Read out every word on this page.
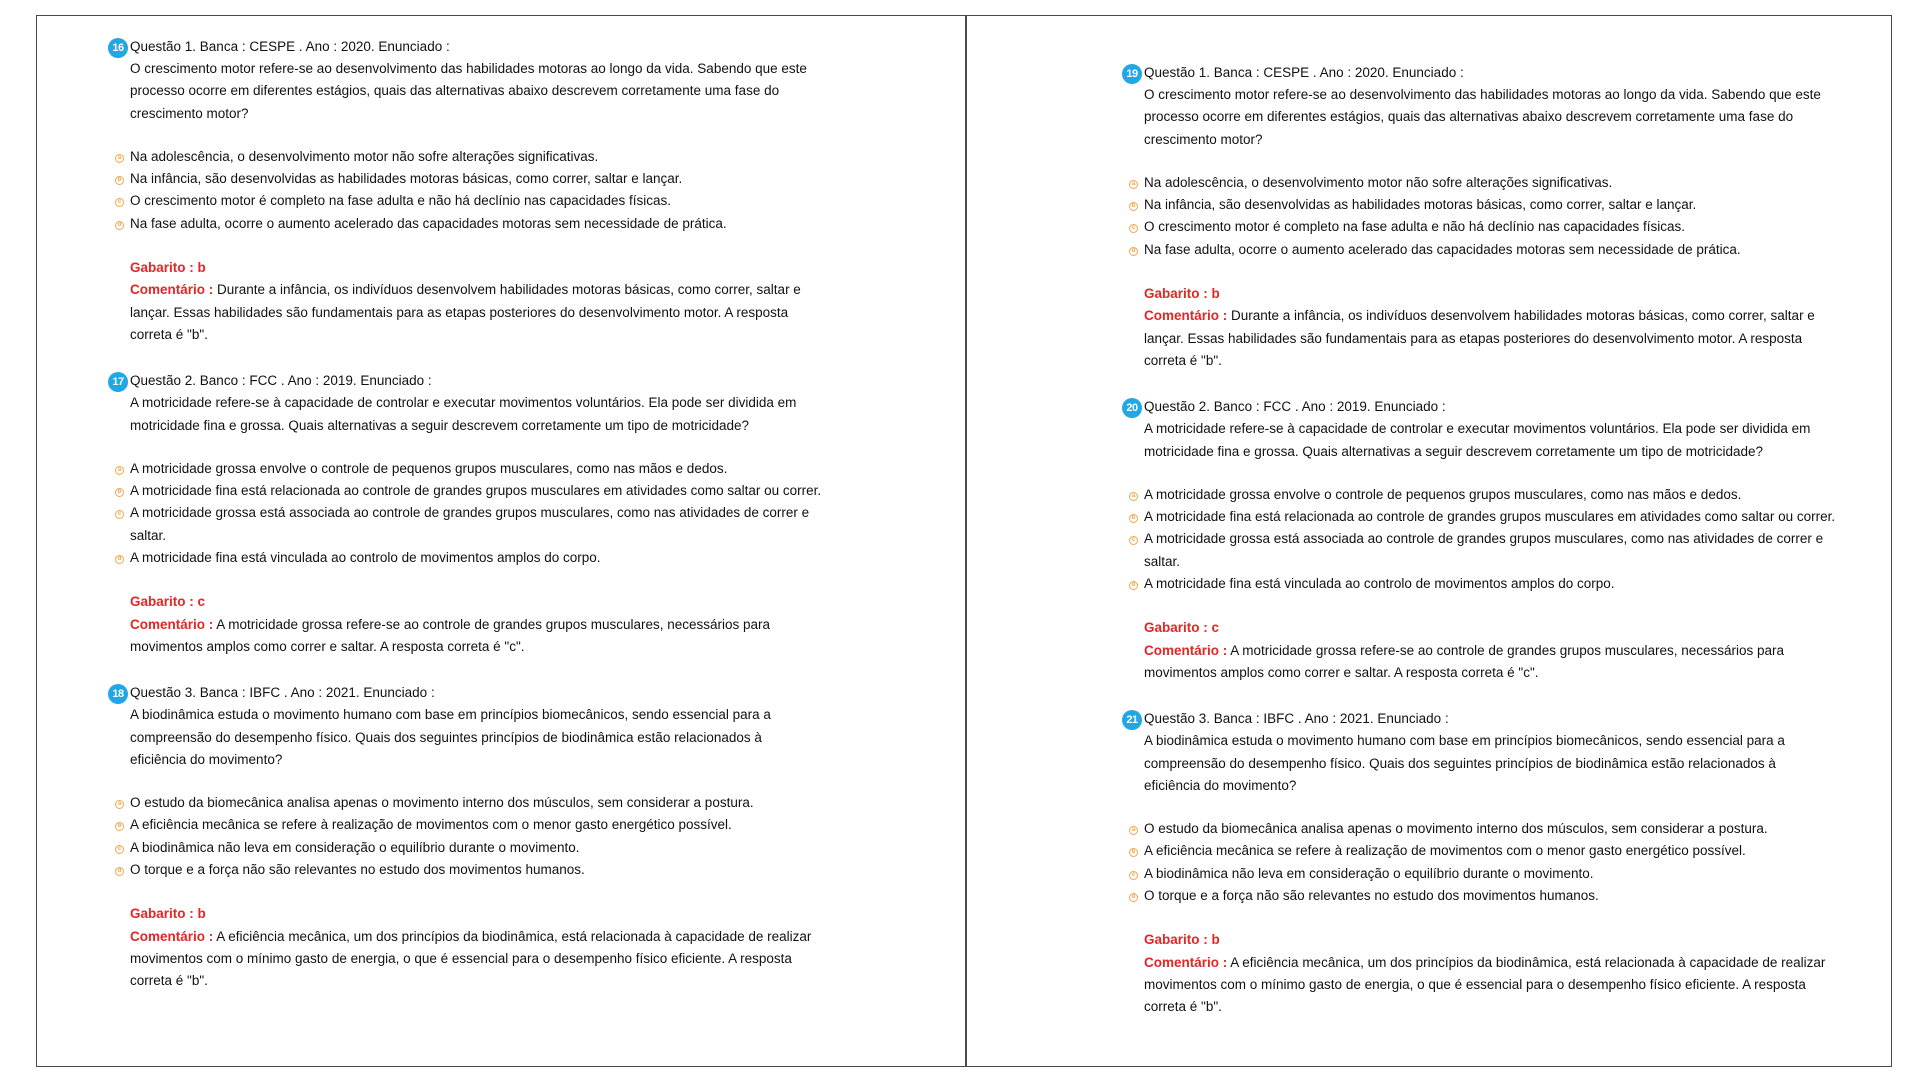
16 Questão 1. Banca : CESPE . Ano : 2020. Enunciado :
O crescimento motor refere-se ao desenvolvimento das habilidades motoras ao longo da vida. Sabendo que este
processo ocorre em diferentes estágios, quais das alternativas abaixo descrevem corretamente uma fase do
crescimento motor?
a Na adolescência, o desenvolvimento motor não sofre alterações significativas.
b Na infância, são desenvolvidas as habilidades motoras básicas, como correr, saltar e lançar.
c O crescimento motor é completo na fase adulta e não há declínio nas capacidades físicas.
d Na fase adulta, ocorre o aumento acelerado das capacidades motoras sem necessidade de prática.
Gabarito : b
Comentário : Durante a infância, os indivíduos desenvolvem habilidades motoras básicas, como correr, saltar e
lançar. Essas habilidades são fundamentais para as etapas posteriores do desenvolvimento motor. A resposta
correta é "b".
17 Questão 2. Banco : FCC . Ano : 2019. Enunciado :
A motricidade refere-se à capacidade de controlar e executar movimentos voluntários. Ela pode ser dividida em
motricidade fina e grossa. Quais alternativas a seguir descrevem corretamente um tipo de motricidade?
a A motricidade grossa envolve o controle de pequenos grupos musculares, como nas mãos e dedos.
b A motricidade fina está relacionada ao controle de grandes grupos musculares em atividades como saltar ou correr.
c A motricidade grossa está associada ao controle de grandes grupos musculares, como nas atividades de correr e saltar.
d A motricidade fina está vinculada ao controlo de movimentos amplos do corpo.
Gabarito : c
Comentário : A motricidade grossa refere-se ao controle de grandes grupos musculares, necessários para
movimentos amplos como correr e saltar. A resposta correta é "c".
18 Questão 3. Banca : IBFC . Ano : 2021. Enunciado :
A biodinâmica estuda o movimento humano com base em princípios biomecânicos, sendo essencial para a
compreensão do desempenho físico. Quais dos seguintes princípios de biodinâmica estão relacionados à
eficiência do movimento?
a O estudo da biomecânica analisa apenas o movimento interno dos músculos, sem considerar a postura.
b A eficiência mecânica se refere à realização de movimentos com o menor gasto energético possível.
c A biodinâmica não leva em consideração o equilíbrio durante o movimento.
d O torque e a força não são relevantes no estudo dos movimentos humanos.
Gabarito : b
Comentário : A eficiência mecânica, um dos princípios da biodinâmica, está relacionada à capacidade de realizar
movimentos com o mínimo gasto de energia, o que é essencial para o desempenho físico eficiente. A resposta
correta é "b".
19 Questão 1. Banca : CESPE . Ano : 2020. Enunciado :
O crescimento motor refere-se ao desenvolvimento das habilidades motoras ao longo da vida. Sabendo que este
processo ocorre em diferentes estágios, quais das alternativas abaixo descrevem corretamente uma fase do
crescimento motor?
a Na adolescência, o desenvolvimento motor não sofre alterações significativas.
b Na infância, são desenvolvidas as habilidades motoras básicas, como correr, saltar e lançar.
c O crescimento motor é completo na fase adulta e não há declínio nas capacidades físicas.
d Na fase adulta, ocorre o aumento acelerado das capacidades motoras sem necessidade de prática.
Gabarito : b
Comentário : Durante a infância, os indivíduos desenvolvem habilidades motoras básicas, como correr, saltar e
lançar. Essas habilidades são fundamentais para as etapas posteriores do desenvolvimento motor. A resposta
correta é "b".
20 Questão 2. Banco : FCC . Ano : 2019. Enunciado :
A motricidade refere-se à capacidade de controlar e executar movimentos voluntários. Ela pode ser dividida em
motricidade fina e grossa. Quais alternativas a seguir descrevem corretamente um tipo de motricidade?
a A motricidade grossa envolve o controle de pequenos grupos musculares, como nas mãos e dedos.
b A motricidade fina está relacionada ao controle de grandes grupos musculares em atividades como saltar ou correr.
c A motricidade grossa está associada ao controle de grandes grupos musculares, como nas atividades de correr e saltar.
d A motricidade fina está vinculada ao controlo de movimentos amplos do corpo.
Gabarito : c
Comentário : A motricidade grossa refere-se ao controle de grandes grupos musculares, necessários para
movimentos amplos como correr e saltar. A resposta correta é "c".
21 Questão 3. Banca : IBFC . Ano : 2021. Enunciado :
A biodinâmica estuda o movimento humano com base em princípios biomecânicos, sendo essencial para a
compreensão do desempenho físico. Quais dos seguintes princípios de biodinâmica estão relacionados à
eficiência do movimento?
a O estudo da biomecânica analisa apenas o movimento interno dos músculos, sem considerar a postura.
b A eficiência mecânica se refere à realização de movimentos com o menor gasto energético possível.
c A biodinâmica não leva em consideração o equilíbrio durante o movimento.
d O torque e a força não são relevantes no estudo dos movimentos humanos.
Gabarito : b
Comentário : A eficiência mecânica, um dos princípios da biodinâmica, está relacionada à capacidade de realizar
movimentos com o mínimo gasto de energia, o que é essencial para o desempenho físico eficiente. A resposta
correta é "b".
